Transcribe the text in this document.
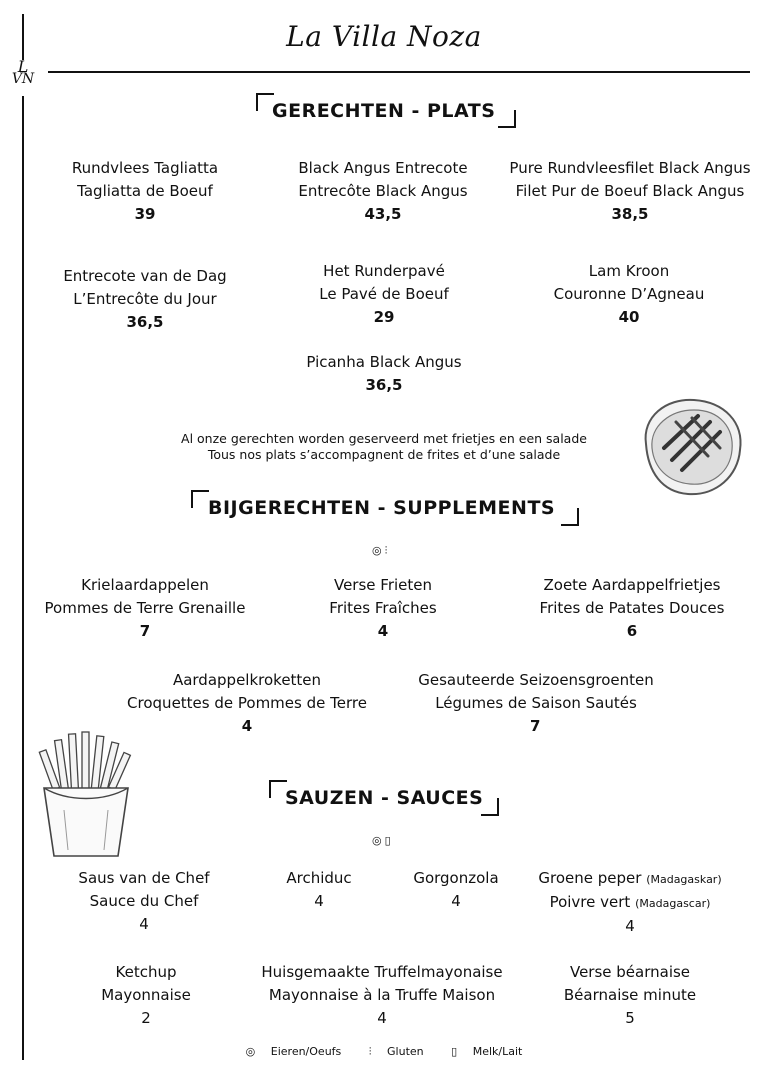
La Villa Noza
L
VN
GERECHTEN - PLATS
Rundvlees Tagliatta
Tagliatta de Boeuf
39
Black Angus Entrecote
Entrecôte Black Angus
43,5
Pure Rundvleesfilet Black Angus
Filet Pur de Boeuf Black Angus
38,5
Entrecote van de Dag
L’Entrecôte du Jour
36,5
Het Runderpavé
Le Pavé de Boeuf
29
Lam Kroon
Couronne D’Agneau
40
Picanha Black Angus
36,5
Al onze gerechten worden geserveerd met frietjes en een salade
Tous nos plats s’accompagnent de frites et d’une salade
BIJGERECHTEN - SUPPLEMENTS
◎ ⫶
Krielaardappelen
Pommes de Terre Grenaille
7
Verse Frieten
Frites Fraîches
4
Zoete Aardappelfrietjes
Frites de Patates Douces
6
Aardappelkroketten
Croquettes de Pommes de Terre
4
Gesauteerde Seizoensgroenten
Légumes de Saison Sautés
7
SAUZEN - SAUCES
◎ ▯
Saus van de Chef
Sauce du Chef
4
Archiduc
4
Gorgonzola
4
Groene peper (Madagaskar)
Poivre vert (Madagascar)
4
Ketchup
Mayonnaise
2
Huisgemaakte Truffelmayonaise
Mayonnaise à la Truffe Maison
4
Verse béarnaise
Béarnaise minute
5
◎ Eieren/Oeufs	⫶ Gluten	▯ Melk/Lait
